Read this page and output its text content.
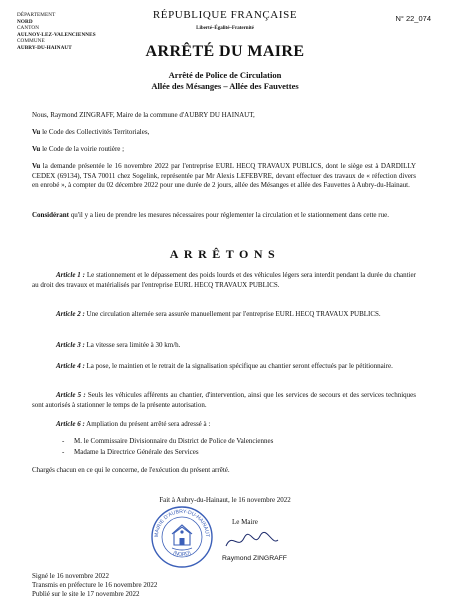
DÉPARTEMENT
NORD
CANTON
AULNOY-LEZ-VALENCIENNES
COMMUNE
AUBRY-DU-HAINAUT
RÉPUBLIQUE FRANÇAISE
Liberté–Égalité–Fraternité
N° 22_074
ARRÊTÉ DU MAIRE
Arrêté de Police de Circulation
Allée des Mésanges – Allée des Fauvettes
Nous, Raymond ZINGRAFF, Maire de la commune d'AUBRY DU HAINAUT,
Vu le Code des Collectivités Territoriales,
Vu le Code de la voirie routière ;
Vu la demande présentée le 16 novembre 2022 par l'entreprise EURL HECQ TRAVAUX PUBLICS, dont le siège est à DARDILLY CEDEX (69134), TSA 70011 chez Sogelink, représentée par Mr Alexis LEFEBVRE, devant effectuer des travaux de « réfection divers en enrobé », à compter du 02 décembre 2022 pour une durée de 2 jours, allée des Mésanges et allée des Fauvettes à Aubry-du-Hainaut.
Considérant qu'il y a lieu de prendre les mesures nécessaires pour réglementer la circulation et le stationnement dans cette rue.
ARRÊTONS
Article 1 : Le stationnement et le dépassement des poids lourds et des véhicules légers sera interdit pendant la durée du chantier au droit des travaux et matérialisés par l'entreprise EURL HECQ TRAVAUX PUBLICS.
Article 2 : Une circulation alternée sera assurée manuellement par l'entreprise EURL HECQ TRAVAUX PUBLICS.
Article 3 : La vitesse sera limitée à 30 km/h.
Article 4 : La pose, le maintien et le retrait de la signalisation spécifique au chantier seront effectués par le pétitionnaire.
Article 5 : Seuls les véhicules afférents au chantier, d'intervention, ainsi que les services de secours et des services techniques sont autorisés à stationner le temps de la présente autorisation.
Article 6 : Ampliation du présent arrêté sera adressé à :
- M. le Commissaire Divisionnaire du District de Police de Valenciennes
- Madame la Directrice Générale des Services
Chargés chacun en ce qui le concerne, de l'exécution du présent arrêté.
Fait à Aubry-du-Hainaut, le 16 novembre 2022
Le Maire
MAIRIE D'AUBRY-DU-HAINAUT
(NORD)
Raymond ZINGRAFF
Signé le 16 novembre 2022
Transmis en préfecture le 16 novembre 2022
Publié sur le site le 17 novembre 2022
